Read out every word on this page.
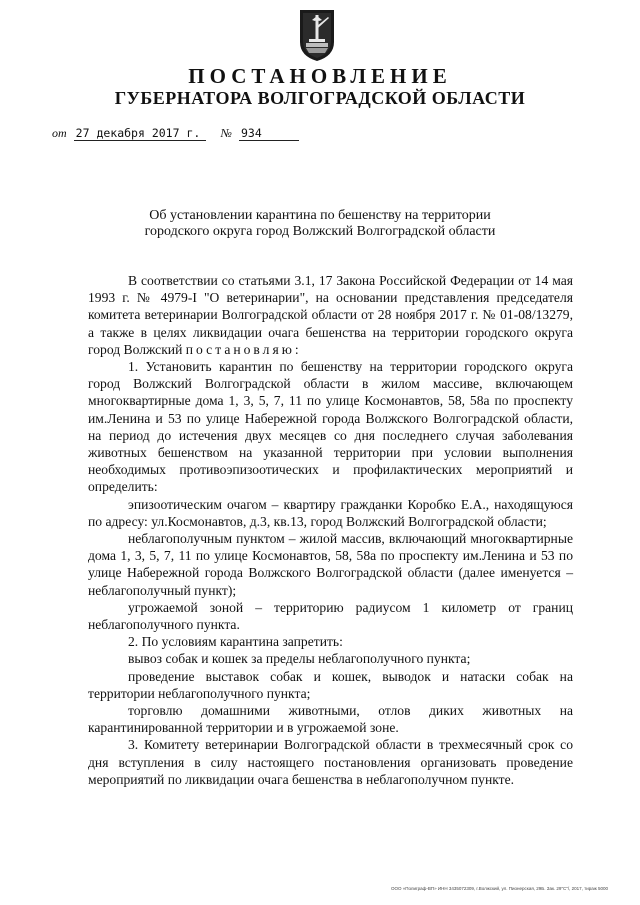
ПОСТАНОВЛЕНИЕ
ГУБЕРНАТОРА ВОЛГОГРАДСКОЙ ОБЛАСТИ
от 27 декабря 2017 г. № 934
Об установлении карантина по бешенству на территории
городского округа город Волжский Волгоградской области

В соответствии со статьями 3.1, 17 Закона Российской Федерации от 14 мая 1993 г. № 4979-I "О ветеринарии", на основании представления председателя комитета ветеринарии Волгоградской области от 28 ноября 2017 г. № 01-08/13279, а также в целях ликвидации очага бешенства на территории городского округа город Волжский постановляю:

1. Установить карантин по бешенству на территории городского округа город Волжский Волгоградской области в жилом массиве, включающем многоквартирные дома 1, 3, 5, 7, 11 по улице Космонавтов, 58, 58а по проспекту им.Ленина и 53 по улице Набережной города Волжского Волгоградской области, на период до истечения двух месяцев со дня последнего случая заболевания животных бешенством на указанной территории при условии выполнения необходимых противоэпизоотических и профилактических мероприятий и определить:

эпизоотическим очагом – квартиру гражданки Коробко Е.А., находящуюся по адресу: ул.Космонавтов, д.3, кв.13, город Волжский Волгоградской области;

неблагополучным пунктом – жилой массив, включающий многоквартирные дома 1, 3, 5, 7, 11 по улице Космонавтов, 58, 58а по проспекту им.Ленина и 53 по улице Набережной города Волжского Волгоградской области (далее именуется – неблагополучный пункт);

угрожаемой зоной – территорию радиусом 1 километр от границ неблагополучного пункта.

2. По условиям карантина запретить:

вывоз собак и кошек за пределы неблагополучного пункта;

проведение выставок собак и кошек, выводок и натаски собак на территории неблагополучного пункта;

торговлю домашними животными, отлов диких животных на карантинированной территории и в угрожаемой зоне.

3. Комитету ветеринарии Волгоградской области в трехмесячный срок со дня вступления в силу настоящего постановления организовать проведение мероприятий по ликвидации очага бешенства в неблагополучном пункте.

ООО «Полиграф-ВП» ИНН 3435072309, г.Волжский, ул. Пионерская, 29Б. Зак. 29"С"/, 2017, тираж 5000
